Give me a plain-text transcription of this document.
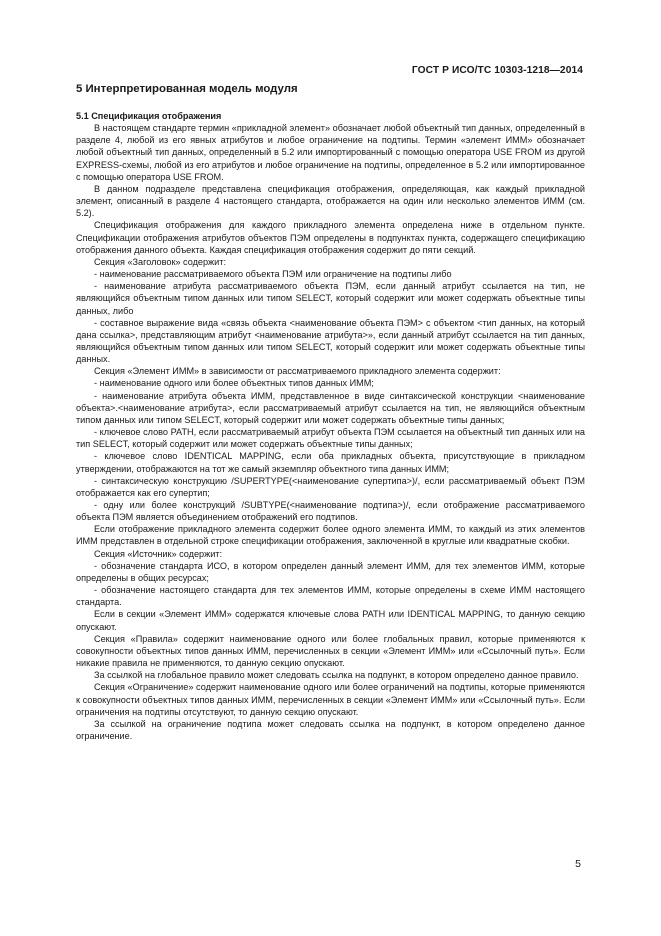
ГОСТ Р ИСО/ТС 10303-1218—2014
5 Интерпретированная модель модуля

5.1 Спецификация отображения

В настоящем стандарте термин «прикладной элемент» обозначает любой объектный тип данных, определенный в разделе 4, любой из его явных атрибутов и любое ограничение на подтипы. Термин «элемент ИММ» обозначает любой объектный тип данных, определенный в 5.2 или импортированный с помощью оператора USE FROM из другой EXPRESS-схемы, любой из его атрибутов и любое ограничение на подтипы, определенное в 5.2 или импортированное с помощью оператора USE FROM.

В данном подразделе представлена спецификация отображения, определяющая, как каждый прикладной элемент, описанный в разделе 4 настоящего стандарта, отображается на один или несколько элементов ИММ (см. 5.2).

Спецификация отображения для каждого прикладного элемента определена ниже в отдельном пункте. Спецификации отображения атрибутов объектов ПЭМ определены в подпунктах пункта, содержащего спецификацию отображения данного объекта. Каждая спецификация отображения содержит до пяти секций.

Секция «Заголовок» содержит:

- наименование рассматриваемого объекта ПЭМ или ограничение на подтипы либо

- наименование атрибута рассматриваемого объекта ПЭМ, если данный атрибут ссылается на тип, не являющийся объектным типом данных или типом SELECT, который содержит или может содержать объектные типы данных, либо

- составное выражение вида «связь объекта <наименование объекта ПЭМ> с объектом <тип данных, на который дана ссылка>, представляющим атрибут <наименование атрибута>», если данный атрибут ссылается на тип данных, являющийся объектным типом данных или типом SELECT, который содержит или может содержать объектные типы данных.

Секция «Элемент ИММ» в зависимости от рассматриваемого прикладного элемента содержит:

- наименование одного или более объектных типов данных ИММ;

- наименование атрибута объекта ИММ, представленное в виде синтаксической конструкции <наименование объекта>.<наименование атрибута>, если рассматриваемый атрибут ссылается на тип, не являющийся объектным типом данных или типом SELECT, который содержит или может содержать объектные типы данных;

- ключевое слово PATH, если рассматриваемый атрибут объекта ПЭМ ссылается на объектный тип данных или на тип SELECT, который содержит или может содержать объектные типы данных;

- ключевое слово IDENTICAL MAPPING, если оба прикладных объекта, присутствующие в прикладном утверждении, отображаются на тот же самый экземпляр объектного типа данных ИММ;

- синтаксическую конструкцию /SUPERTYPE(<наименование супертипа>)/, если рассматриваемый объект ПЭМ отображается как его супертип;

- одну или более конструкций /SUBTYPE(<наименование подтипа>)/, если отображение рассматриваемого объекта ПЭМ является объединением отображений его подтипов.

Если отображение прикладного элемента содержит более одного элемента ИММ, то каждый из этих элементов ИММ представлен в отдельной строке спецификации отображения, заключенной в круглые или квадратные скобки.

Секция «Источник» содержит:

- обозначение стандарта ИСО, в котором определен данный элемент ИММ, для тех элементов ИММ, которые определены в общих ресурсах;

- обозначение настоящего стандарта для тех элементов ИММ, которые определены в схеме ИММ настоящего стандарта.

Если в секции «Элемент ИММ» содержатся ключевые слова PATH или IDENTICAL MAPPING, то данную секцию опускают.

Секция «Правила» содержит наименование одного или более глобальных правил, которые применяются к совокупности объектных типов данных ИММ, перечисленных в секции «Элемент ИММ» или «Ссылочный путь». Если никакие правила не применяются, то данную секцию опускают.

За ссылкой на глобальное правило может следовать ссылка на подпункт, в котором определено данное правило.

Секция «Ограничение» содержит наименование одного или более ограничений на подтипы, которые применяются к совокупности объектных типов данных ИММ, перечисленных в секции «Элемент ИММ» или «Ссылочный путь». Если ограничения на подтипы отсутствуют, то данную секцию опускают.

За ссылкой на ограничение подтипа может следовать ссылка на подпункт, в котором определено данное ограничение.

5
